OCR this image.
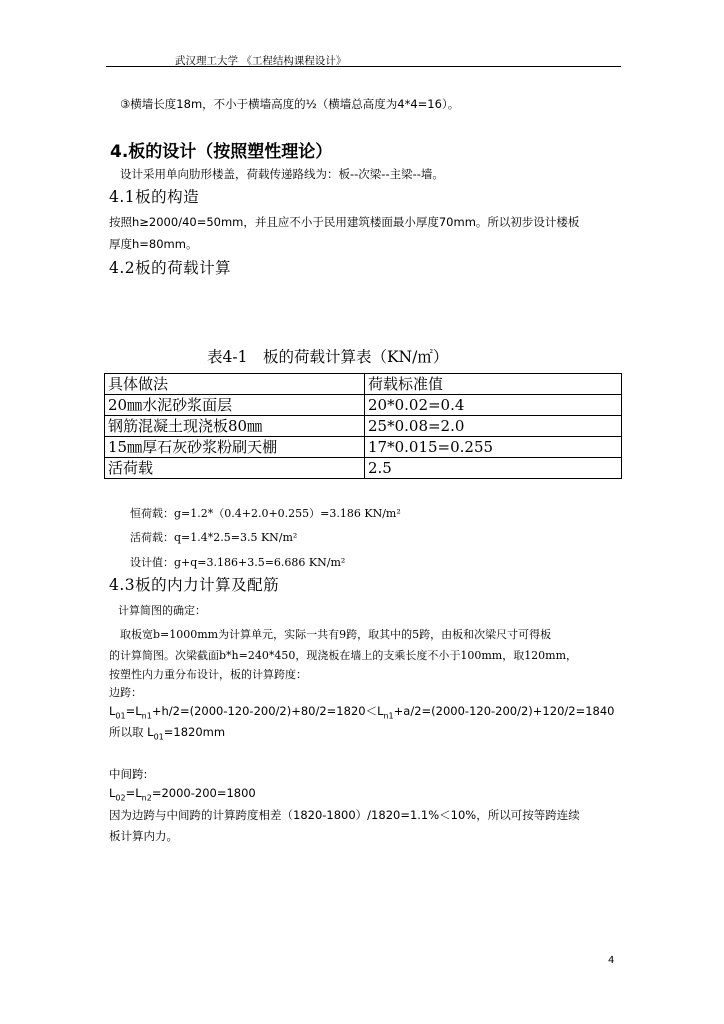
武汉理工大学 《工程结构课程设计》
③横墙长度18m，不小于横墙高度的½（横墙总高度为4*4=16）。
4.板的设计（按照塑性理论）
设计采用单向肋形楼盖，荷载传递路线为：板--次梁--主梁--墙。
4.1板的构造
按照h≥2000/40=50mm，并且应不小于民用建筑楼面最小厚度70mm。所以初步设计楼板
厚度h=80mm。
4.2板的荷载计算
表4-1　板的荷载计算表（KN/㎡）
具体做法	荷载标准值
20㎜水泥砂浆面层	20*0.02=0.4
钢筋混凝土现浇板80㎜	25*0.08=2.0
15㎜厚石灰砂浆粉刷天棚	17*0.015=0.255
活荷载	2.5
恒荷载：g=1.2*（0.4+2.0+0.255）=3.186 KN/m²
活荷载：q=1.4*2.5=3.5 KN/m²
设计值：g+q=3.186+3.5=6.686 KN/m²
4.3板的内力计算及配筋
计算简图的确定：
取板宽b=1000mm为计算单元，实际一共有9跨，取其中的5跨，由板和次梁尺寸可得板
的计算简图。次梁截面b*h=240*450，现浇板在墙上的支乘长度不小于100mm，取120mm，
按塑性内力重分布设计，板的计算跨度：
边跨：
$L_{01}=L_{n1}+h/2=(2000-120-200/2)+80/2=1820<L_{n1}+a/2=(2000-120-200/2)+120/2=1840$
所以取 $L_{01}=1820mm$
中间跨:
$L_{02}=L_{n2}=2000-200=1800$
因为边跨与中间跨的计算跨度相差（1820-1800）/1820=1.1%＜10%，所以可按等跨连续
板计算内力。
4
